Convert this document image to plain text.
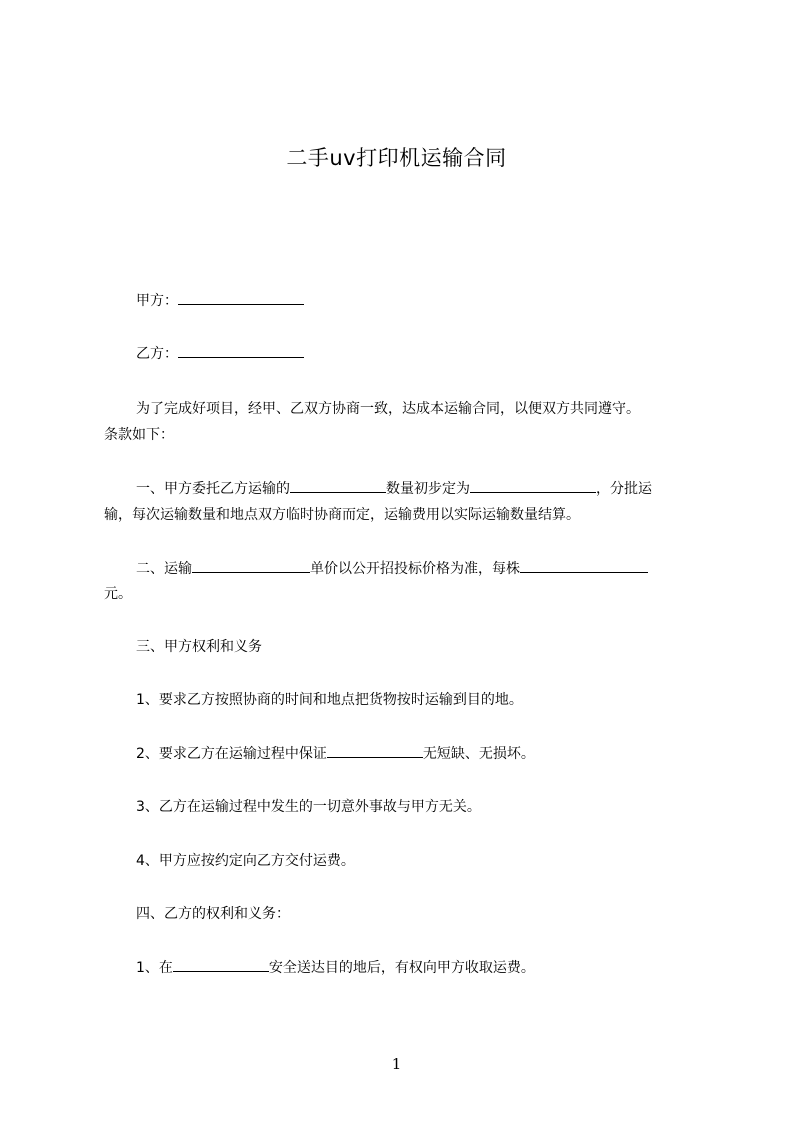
二手uv打印机运输合同
甲方：
乙方：
为了完成好项目，经甲、乙双方协商一致，达成本运输合同，以便双方共同遵守。
条款如下：
一、甲方委托乙方运输的	数量初步定为	，分批运
输，每次运输数量和地点双方临时协商而定，运输费用以实际运输数量结算。
二、运输	单价以公开招投标价格为准，每株
元。
三、甲方权利和义务
1、要求乙方按照协商的时间和地点把货物按时运输到目的地。
2、要求乙方在运输过程中保证	无短缺、无损坏。
3、乙方在运输过程中发生的一切意外事故与甲方无关。
4、甲方应按约定向乙方交付运费。
四、乙方的权利和义务：
1、在	安全送达目的地后，有权向甲方收取运费。
1
